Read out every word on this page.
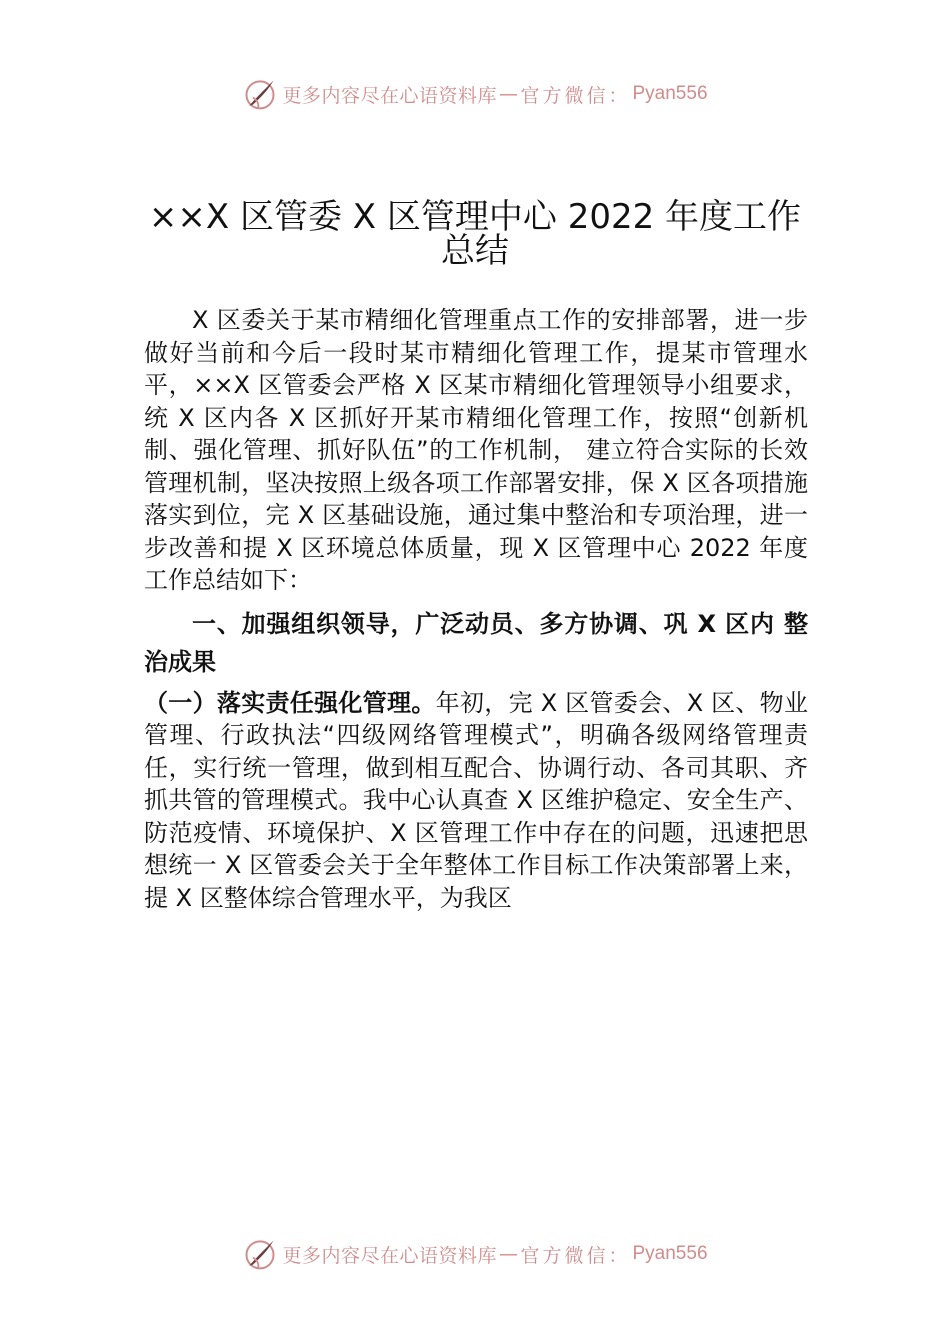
更多内容尽在心语资料库 — 官方微信： Pyan556
××X 区管委 X 区管理中心 2022 年度工作总结

X 区委关于某市精细化管理重点工作的安排部署，进一步做好当前和今后一段时某市精细化管理工作，提某市管理水平，××X 区管委会严格 X 区某市精细化管理领导小组要求，统 X 区内各 X 区抓好开某市精细化管理工作，按照“创新机制、强化管理、抓好队伍”的工作机制， 建立符合实际的长效管理机制，坚决按照上级各项工作部署安排，保 X 区各项措施落实到位，完 X 区基础设施，通过集中整治和专项治理，进一步改善和提 X 区环境总体质量，现 X 区管理中心 2022 年度工作总结如下：

一、加强组织领导，广泛动员、多方协调、巩 X 区内 整治成果

（一）落实责任强化管理。年初，完 X 区管委会、X 区、物业管理、行政执法“四级网络管理模式”，明确各级网络管理责任，实行统一管理，做到相互配合、协调行动、各司其职、齐抓共管的管理模式。我中心认真查 X 区维护稳定、安全生产、防范疫情、环境保护、X 区管理工作中存在的问题，迅速把思想统一 X 区管委会关于全年整体工作目标工作决策部署上来，提 X 区整体综合管理水平，为我区

更多内容尽在心语资料库 — 官方微信： Pyan556
